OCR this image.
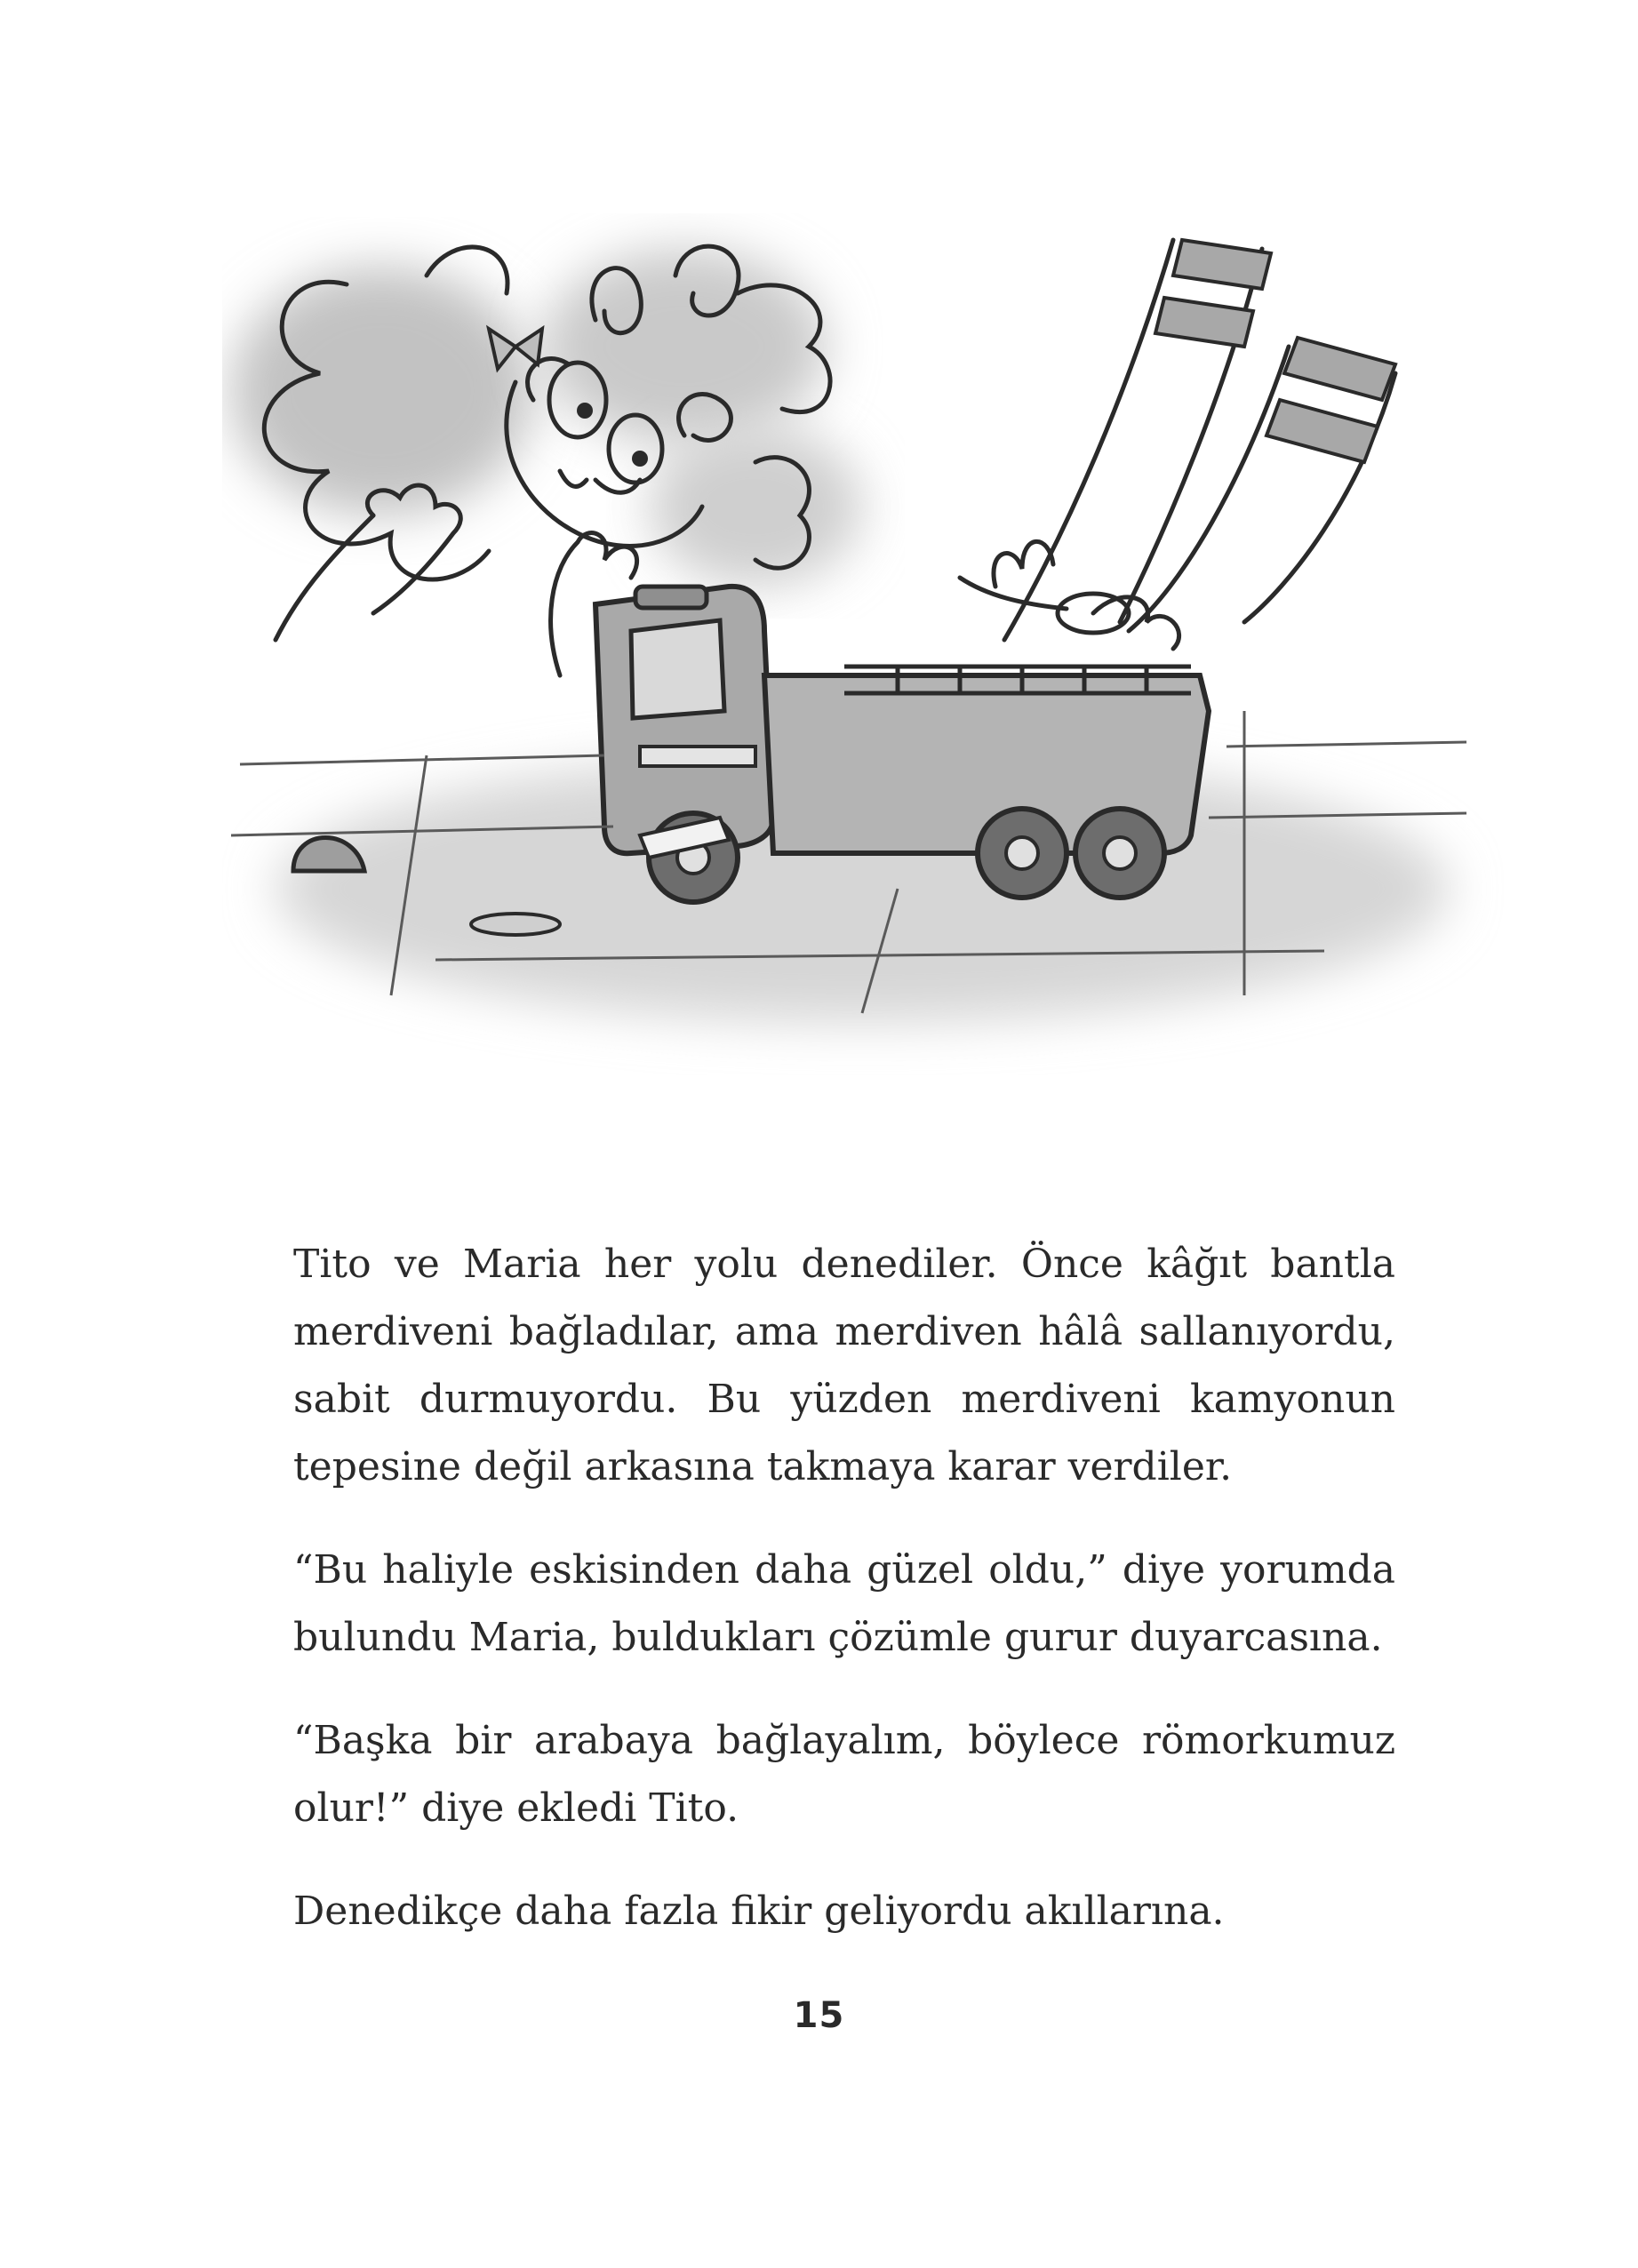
Tito ve Maria her yolu denediler. Önce kâğıt bantla merdiveni bağladılar, ama merdiven hâlâ sallanıyordu, sabit durmuyordu. Bu yüzden merdiveni kamyonun tepesine değil arkasına takmaya karar verdiler.

“Bu haliyle eskisinden daha güzel oldu,” diye yorumda bulundu Maria, buldukları çözümle gurur duyarcasına.

“Başka bir arabaya bağlayalım, böylece römorkumuz olur!” diye ekledi Tito.

Denedikçe daha fazla fikir geliyordu akıllarına.

15
